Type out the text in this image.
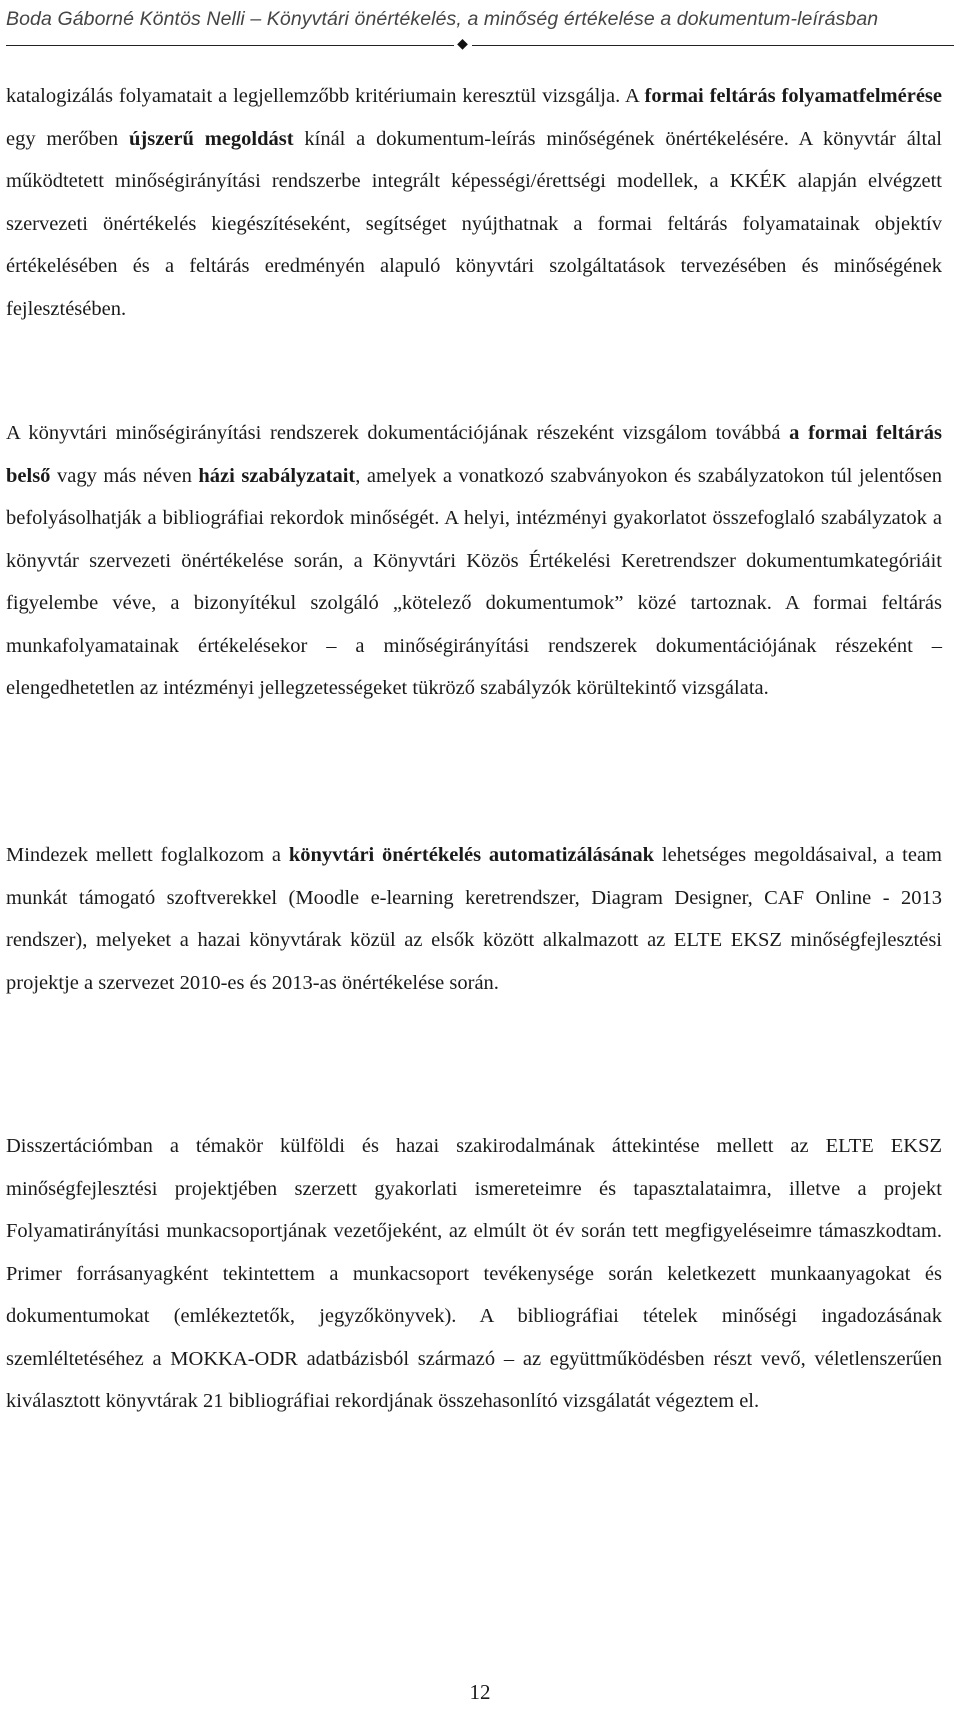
Boda Gáborné Köntös Nelli – Könyvtári önértékelés, a minőség értékelése a dokumentum-leírásban
◆

katalogizálás folyamatait a legjellemzőbb kritériumain keresztül vizsgálja. A formai feltárás folyamatfelmérése egy merőben újszerű megoldást kínál a dokumentum-leírás minőségének önértékelésére. A könyvtár által működtetett minőségirányítási rendszerbe integrált képességi/érettségi modellek, a KKÉK alapján elvégzett szervezeti önértékelés kiegészítéseként, segítséget nyújthatnak a formai feltárás folyamatainak objektív értékelésében és a feltárás eredményén alapuló könyvtári szolgáltatások tervezésében és minőségének fejlesztésében.

A könyvtári minőségirányítási rendszerek dokumentációjának részeként vizsgálom továbbá a formai feltárás belső vagy más néven házi szabályzatait, amelyek a vonatkozó szabványokon és szabályzatokon túl jelentősen befolyásolhatják a bibliográfiai rekordok minőségét. A helyi, intézményi gyakorlatot összefoglaló szabályzatok a könyvtár szervezeti önértékelése során, a Könyvtári Közös Értékelési Keretrendszer dokumentumkategóriáit figyelembe véve, a bizonyítékul szolgáló „kötelező dokumentumok” közé tartoznak. A formai feltárás munkafolyamatainak értékelésekor – a minőségirányítási rendszerek dokumentációjának részeként – elengedhetetlen az intézményi jellegzetességeket tükröző szabályzók körültekintő vizsgálata.

Mindezek mellett foglalkozom a könyvtári önértékelés automatizálásának lehetséges megoldásaival, a team munkát támogató szoftverekkel (Moodle e-learning keretrendszer, Diagram Designer, CAF Online - 2013 rendszer), melyeket a hazai könyvtárak közül az elsők között alkalmazott az ELTE EKSZ minőségfejlesztési projektje a szervezet 2010-es és 2013-as önértékelése során.

Disszertációmban a témakör külföldi és hazai szakirodalmának áttekintése mellett az ELTE EKSZ minőségfejlesztési projektjében szerzett gyakorlati ismereteimre és tapasztalataimra, illetve a projekt Folyamatirányítási munkacsoportjának vezetőjeként, az elmúlt öt év során tett megfigyeléseimre támaszkodtam. Primer forrásanyagként tekintettem a munkacsoport tevékenysége során keletkezett munkaanyagokat és dokumentumokat (emlékeztetők, jegyzőkönyvek). A bibliográfiai tételek minőségi ingadozásának szemléltetéséhez a MOKKA-ODR adatbázisból származó – az együttműködésben részt vevő, véletlenszerűen kiválasztott könyvtárak 21 bibliográfiai rekordjának összehasonlító vizsgálatát végeztem el.

12
